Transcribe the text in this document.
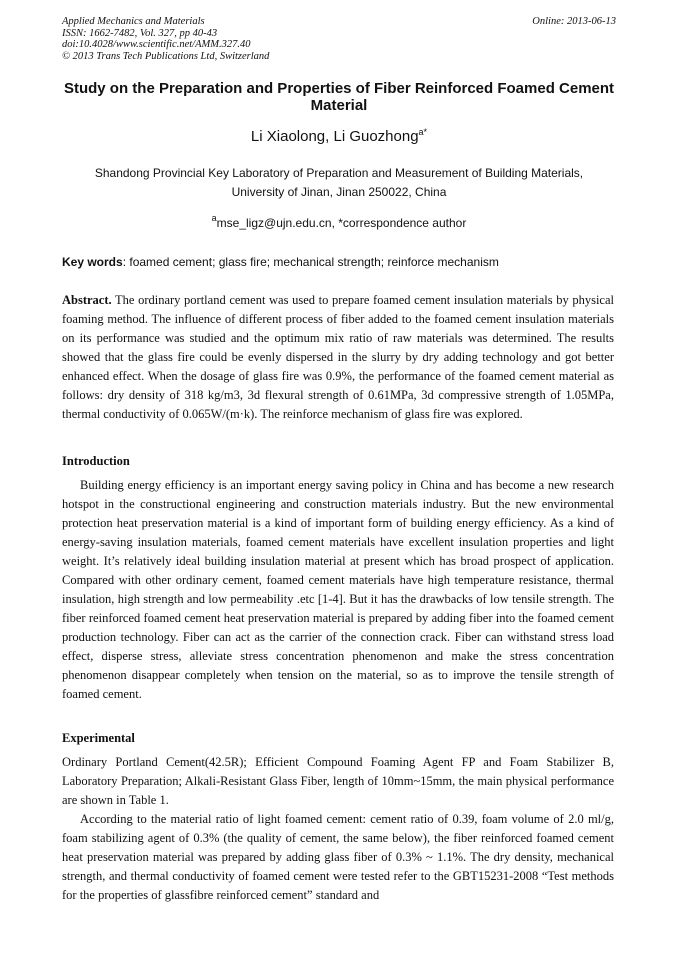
Applied Mechanics and Materials
ISSN: 1662-7482, Vol. 327, pp 40-43
doi:10.4028/www.scientific.net/AMM.327.40
© 2013 Trans Tech Publications Ltd, Switzerland
Online: 2013-06-13
Study on the Preparation and Properties of Fiber Reinforced Foamed Cement Material
Li Xiaolong, Li Guozhong$^{a*}$
Shandong Provincial Key Laboratory of Preparation and Measurement of Building Materials,
University of Jinan, Jinan 250022, China
$^a$mse_ligz@ujn.edu.cn, *correspondence author
Key words: foamed cement; glass fire; mechanical strength; reinforce mechanism
Abstract. The ordinary portland cement was used to prepare foamed cement insulation materials by physical foaming method. The influence of different process of fiber added to the foamed cement insulation materials on its performance was studied and the optimum mix ratio of raw materials was determined. The results showed that the glass fire could be evenly dispersed in the slurry by dry adding technology and got better enhanced effect. When the dosage of glass fire was 0.9%, the performance of the foamed cement material as follows: dry density of 318 kg/m3, 3d flexural strength of 0.61MPa, 3d compressive strength of 1.05MPa, thermal conductivity of 0.065W/(m·k). The reinforce mechanism of glass fire was explored.
Introduction
Building energy efficiency is an important energy saving policy in China and has become a new research hotspot in the constructional engineering and construction materials industry. But the new environmental protection heat preservation material is a kind of important form of building energy efficiency. As a kind of energy-saving insulation materials, foamed cement materials have excellent insulation properties and light weight. It’s relatively ideal building insulation material at present which has broad prospect of application. Compared with other ordinary cement, foamed cement materials have high temperature resistance, thermal insulation, high strength and low permeability .etc [1-4]. But it has the drawbacks of low tensile strength. The fiber reinforced foamed cement heat preservation material is prepared by adding fiber into the foamed cement production technology. Fiber can act as the carrier of the connection crack. Fiber can withstand stress load effect, disperse stress, alleviate stress concentration phenomenon and make the stress concentration phenomenon disappear completely when tension on the material, so as to improve the tensile strength of foamed cement.
Experimental
Ordinary Portland Cement(42.5R); Efficient Compound Foaming Agent FP and Foam Stabilizer B, Laboratory Preparation; Alkali-Resistant Glass Fiber, length of 10mm~15mm, the main physical performance are shown in Table 1.
According to the material ratio of light foamed cement: cement ratio of 0.39, foam volume of 2.0 ml/g, foam stabilizing agent of 0.3% (the quality of cement, the same below), the fiber reinforced foamed cement heat preservation material was prepared by adding glass fiber of 0.3% ~ 1.1%. The dry density, mechanical strength, and thermal conductivity of foamed cement were tested refer to the GBT15231-2008 “Test methods for the properties of glassfibre reinforced cement” standard and
